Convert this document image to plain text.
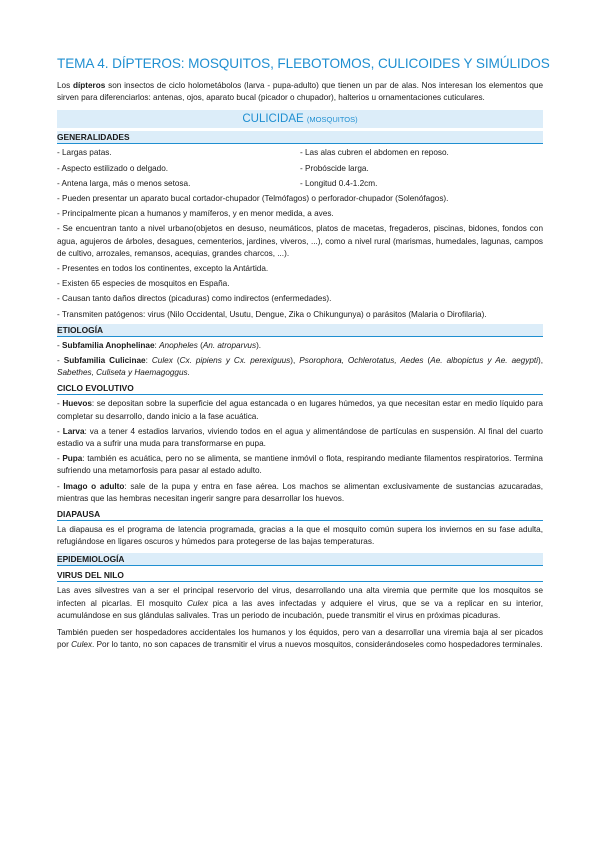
TEMA 4. DÍPTEROS: MOSQUITOS, FLEBOTOMOS, CULICOIDES Y SIMÚLIDOS

Los dípteros son insectos de ciclo holometábolos (larva - pupa-adulto) que tienen un par de alas. Nos interesan los elementos que sirven para diferenciarlos: antenas, ojos, aparato bucal (picador o chupador), halterios u ornamentaciones cuticulares.

CULICIDAE (MOSQUITOS)
GENERALIDADES
- Largas patas.
- Aspecto estilizado o delgado.
- Antena larga, más o menos setosa.
- Las alas cubren el abdomen en reposo.
- Probóscide larga.
- Longitud 0.4-1.2cm.
- Pueden presentar un aparato bucal cortador-chupador (Telmófagos) o perforador-chupador (Solenófagos).
- Principalmente pican a humanos y mamíferos, y en menor medida, a aves.
- Se encuentran tanto a nivel urbano(objetos en desuso, neumáticos, platos de macetas, fregaderos, piscinas, bidones, fondos con agua, agujeros de árboles, desagues, cementerios, jardines, viveros, ...), como a nivel rural (marismas, humedales, lagunas, campos de cultivo, arrozales, remansos, acequias, grandes charcos, ...).
- Presentes en todos los continentes, excepto la Antártida.
- Existen 65 especies de mosquitos en España.
- Causan tanto daños directos (picaduras) como indirectos (enfermedades).
- Transmiten patógenos: virus (Nilo Occidental, Usutu, Dengue, Zika o Chikungunya) o parásitos (Malaria o Dirofilaria).
ETIOLOGÍA
- Subfamilia Anophelinae: Anopheles (An. atroparvus).
- Subfamilia Culicinae: Culex (Cx. pipiens y Cx. perexiguus), Psorophora, Ochlerotatus, Aedes (Ae. albopictus y Ae. aegypti), Sabethes, Culiseta y Haemagoggus.
CICLO EVOLUTIVO
- Huevos: se depositan sobre la superficie del agua estancada o en lugares húmedos, ya que necesitan estar en medio líquido para completar su desarrollo, dando inicio a la fase acuática.
- Larva: va a tener 4 estadios larvarios, viviendo todos en el agua y alimentándose de partículas en suspensión. Al final del cuarto estadio va a sufrir una muda para transformarse en pupa.
- Pupa: también es acuática, pero no se alimenta, se mantiene inmóvil o flota, respirando mediante filamentos respiratorios. Termina sufriendo una metamorfosis para pasar al estado adulto.
- Imago o adulto: sale de la pupa y entra en fase aérea. Los machos se alimentan exclusivamente de sustancias azucaradas, mientras que las hembras necesitan ingerir sangre para desarrollar los huevos.
DIAPAUSA

La diapausa es el programa de latencia programada, gracias a la que el mosquito común supera los inviernos en su fase adulta, refugiándose en ligares oscuros y húmedos para protegerse de las bajas temperaturas.

EPIDEMIOLOGÍA
VIRUS DEL NILO

Las aves silvestres van a ser el principal reservorio del virus, desarrollando una alta viremia que permite que los mosquitos se infecten al picarlas. El mosquito Culex pica a las aves infectadas y adquiere el virus, que se va a replicar en su interior, acumulándose en sus glándulas salivales. Tras un periodo de incubación, puede transmitir el virus en próximas picaduras.

También pueden ser hospedadores accidentales los humanos y los équidos, pero van a desarrollar una viremia baja al ser picados por Culex. Por lo tanto, no son capaces de transmitir el virus a nuevos mosquitos, considerándoseles como hospedadores terminales.
